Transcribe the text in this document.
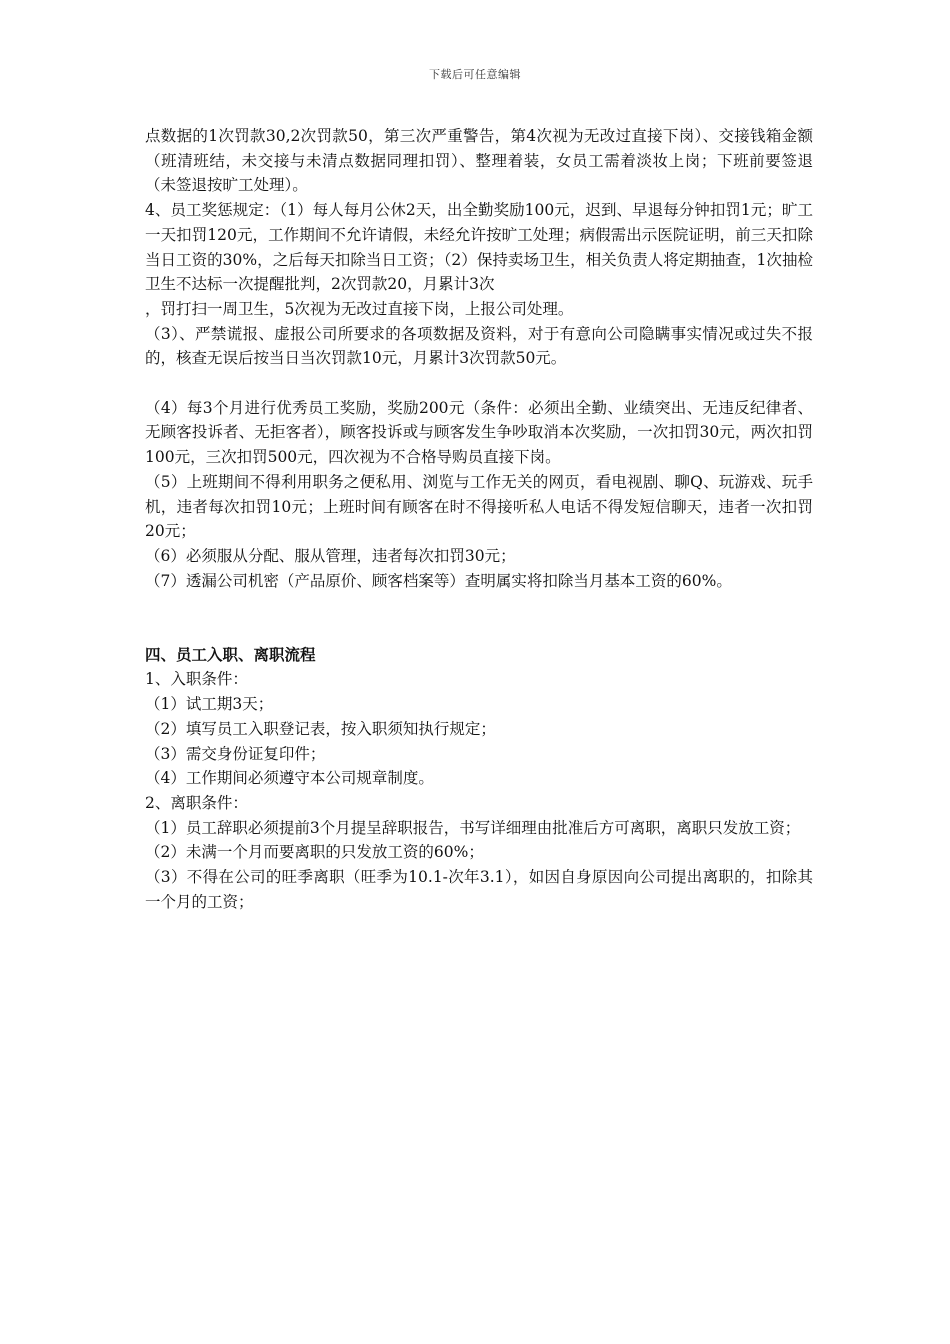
下载后可任意编辑

点数据的1次罚款30,2次罚款50，第三次严重警告，第4次视为无改过直接下岗）、交接钱箱金额（班清班结，未交接与未清点数据同理扣罚）、整理着装，女员工需着淡妆上岗；下班前要签退（未签退按旷工处理）。

4、员工奖惩规定：（1）每人每月公休2天，出全勤奖励100元，迟到、早退每分钟扣罚1元；旷工一天扣罚120元，工作期间不允许请假，未经允许按旷工处理；病假需出示医院证明，前三天扣除当日工资的30%，之后每天扣除当日工资；（2）保持卖场卫生，相关负责人将定期抽查，1次抽检卫生不达标一次提醒批判，2次罚款20，月累计3次

，罚打扫一周卫生，5次视为无改过直接下岗，上报公司处理。

（3）、严禁谎报、虚报公司所要求的各项数据及资料，对于有意向公司隐瞒事实情况或过失不报的，核查无误后按当日当次罚款10元，月累计3次罚款50元。

（4）每3个月进行优秀员工奖励，奖励200元（条件：必须出全勤、业绩突出、无违反纪律者、无顾客投诉者、无拒客者），顾客投诉或与顾客发生争吵取消本次奖励，一次扣罚30元，两次扣罚100元，三次扣罚500元，四次视为不合格导购员直接下岗。

（5）上班期间不得利用职务之便私用、浏览与工作无关的网页，看电视剧、聊Q、玩游戏、玩手机，违者每次扣罚10元；上班时间有顾客在时不得接听私人电话不得发短信聊天，违者一次扣罚20元；

（6）必须服从分配、服从管理，违者每次扣罚30元；

（7）透漏公司机密（产品原价、顾客档案等）查明属实将扣除当月基本工资的60%。

四、员工入职、离职流程

1、入职条件：

（1）试工期3天；

（2）填写员工入职登记表，按入职须知执行规定；

（3）需交身份证复印件；

（4）工作期间必须遵守本公司规章制度。

2、离职条件：

（1）员工辞职必须提前3个月提呈辞职报告，书写详细理由批准后方可离职，离职只发放工资；

（2）未满一个月而要离职的只发放工资的60%；

（3）不得在公司的旺季离职（旺季为10.1-次年3.1），如因自身原因向公司提出离职的，扣除其一个月的工资；
